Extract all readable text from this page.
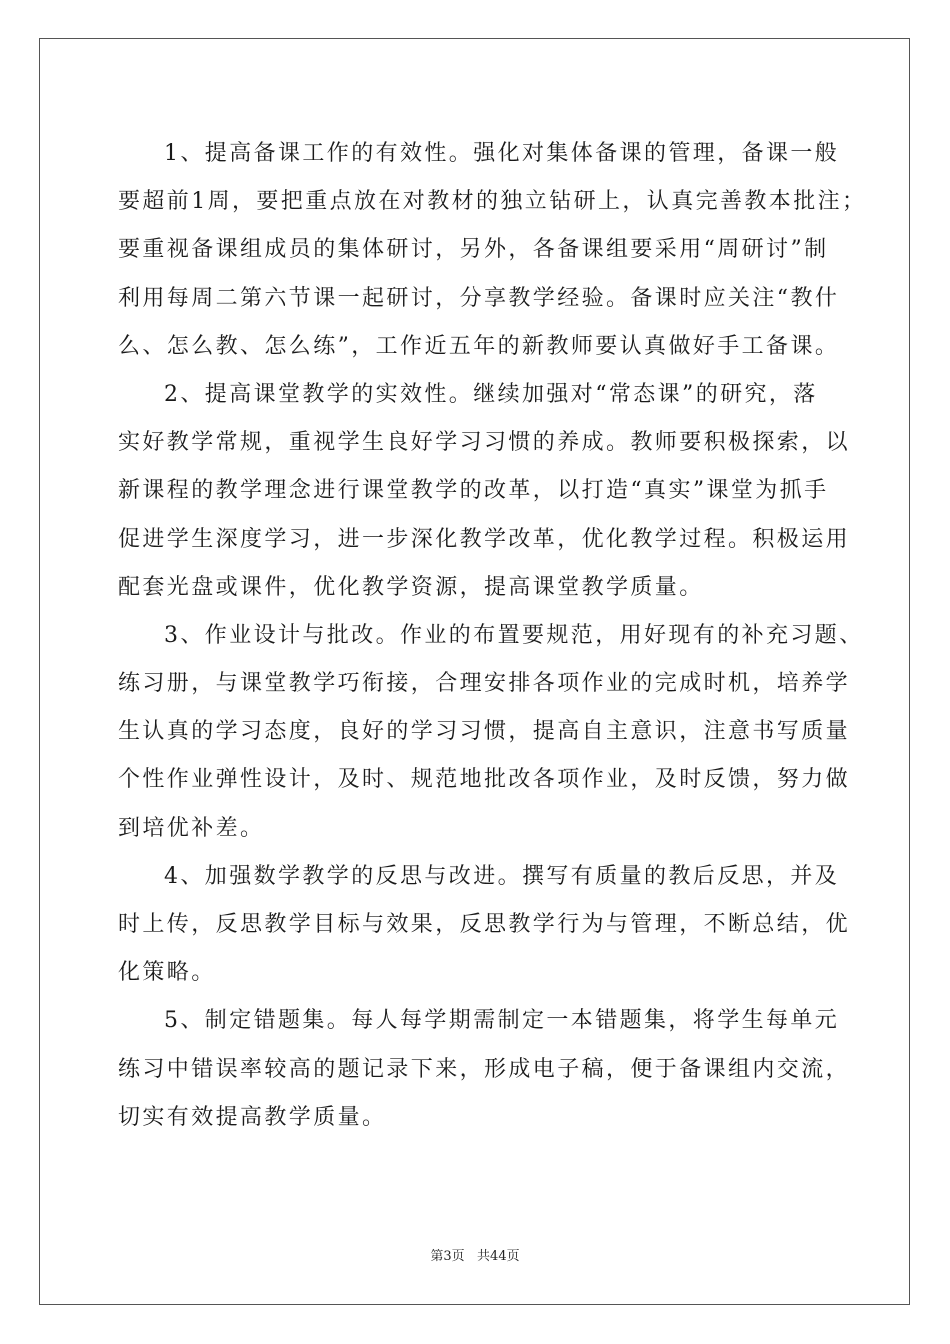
1、提高备课工作的有效性。强化对集体备课的管理，备课一般
要超前1周，要把重点放在对教材的独立钻研上，认真完善教本批注；
要重视备课组成员的集体研讨，另外，各备课组要采用“周研讨”制
利用每周二第六节课一起研讨，分享教学经验。备课时应关注“教什
么、怎么教、怎么练”，工作近五年的新教师要认真做好手工备课。
2、提高课堂教学的实效性。继续加强对“常态课”的研究，落
实好教学常规，重视学生良好学习习惯的养成。教师要积极探索，以
新课程的教学理念进行课堂教学的改革，以打造“真实”课堂为抓手
促进学生深度学习，进一步深化教学改革，优化教学过程。积极运用
配套光盘或课件，优化教学资源，提高课堂教学质量。
3、作业设计与批改。作业的布置要规范，用好现有的补充习题、
练习册，与课堂教学巧衔接，合理安排各项作业的完成时机，培养学
生认真的学习态度，良好的学习习惯，提高自主意识，注意书写质量
个性作业弹性设计，及时、规范地批改各项作业，及时反馈，努力做
到培优补差。
4、加强数学教学的反思与改进。撰写有质量的教后反思，并及
时上传，反思教学目标与效果，反思教学行为与管理，不断总结，优
化策略。
5、制定错题集。每人每学期需制定一本错题集，将学生每单元
练习中错误率较高的题记录下来，形成电子稿，便于备课组内交流，
切实有效提高教学质量。
第3页   共44页
